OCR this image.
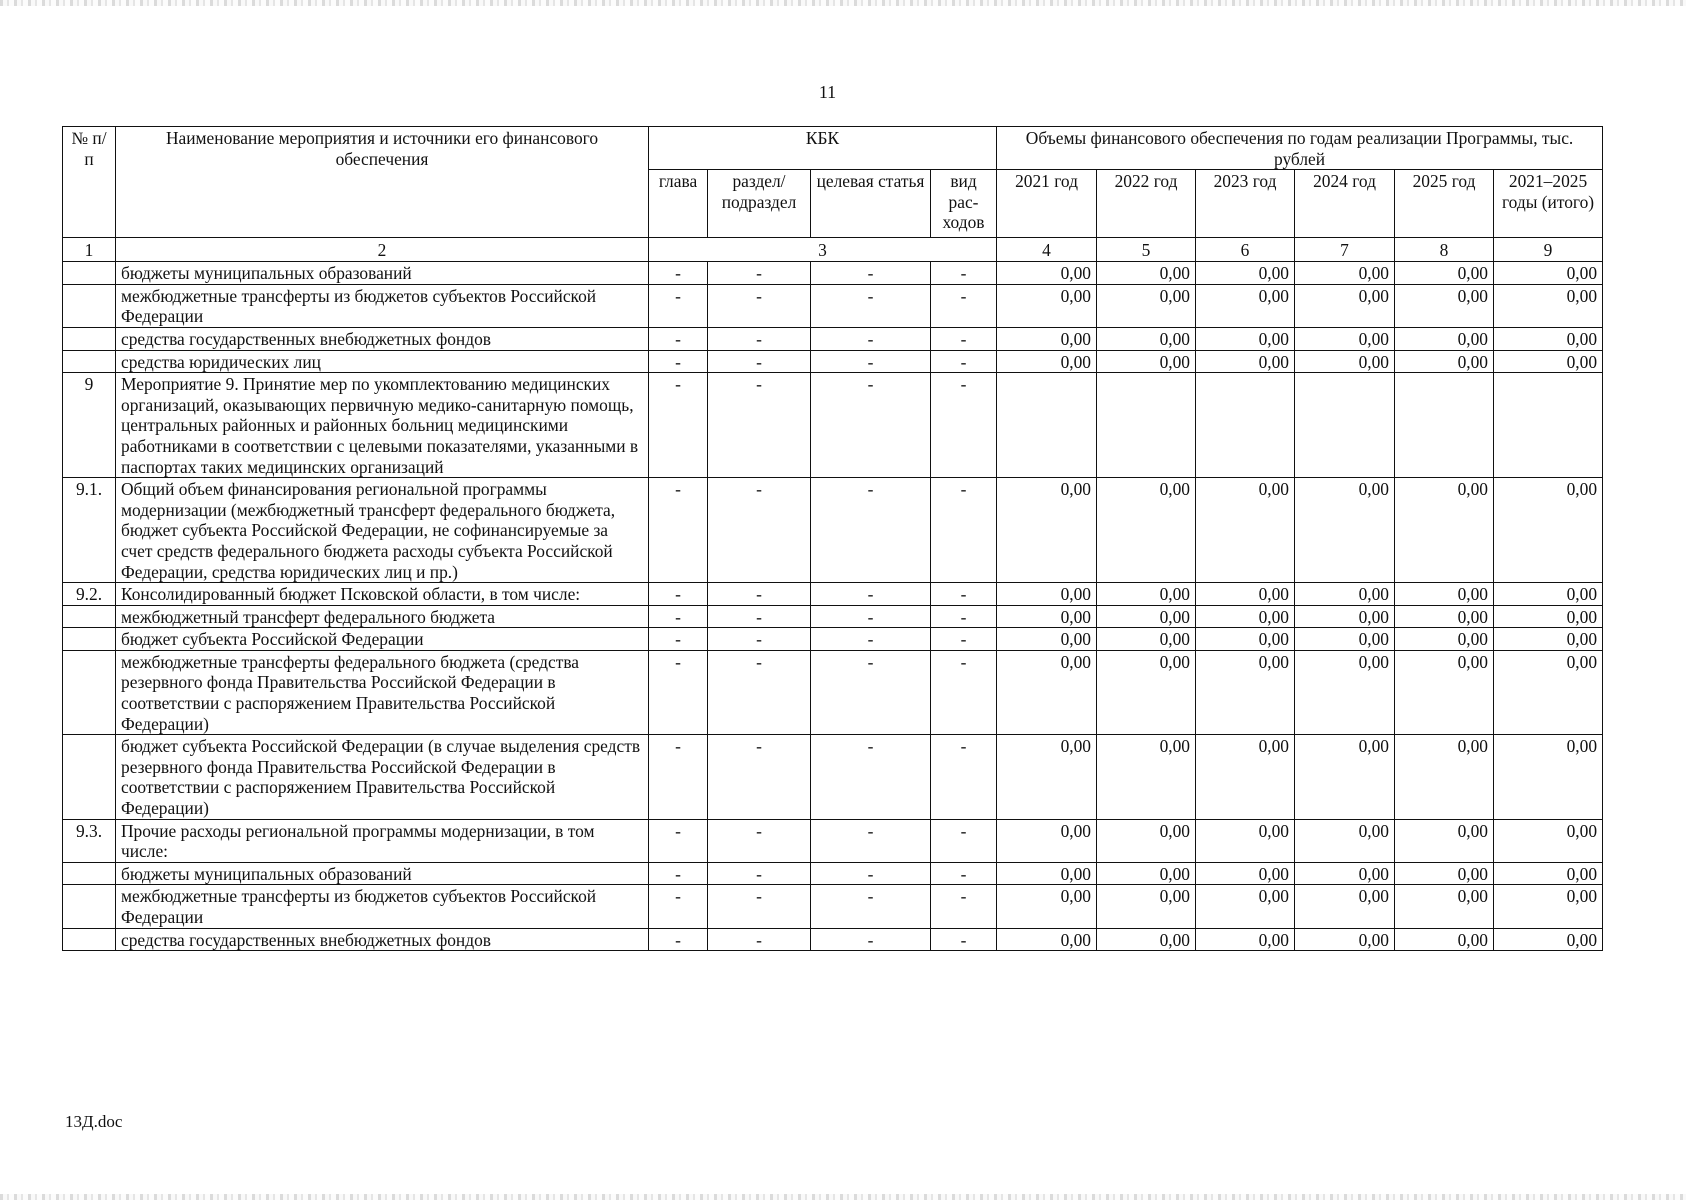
11
№ п/п	Наименование мероприятия и источники его финансового обеспечения	КБК				Объемы финансового обеспечения по годам реализации Программы, тыс. рублей					
		глава	раздел/ подраздел	целевая статья	вид рас-ходов	2021 год	2022 год	2023 год	2024 год	2025 год	2021–2025 годы (итого)
1	2	3				4	5	6	7	8	9
	бюджеты муниципальных образований	-	-	-	-	0,00	0,00	0,00	0,00	0,00	0,00
	межбюджетные трансферты из бюджетов субъектов Российской Федерации	-	-	-	-	0,00	0,00	0,00	0,00	0,00	0,00
	средства государственных внебюджетных фондов	-	-	-	-	0,00	0,00	0,00	0,00	0,00	0,00
	средства юридических лиц	-	-	-	-	0,00	0,00	0,00	0,00	0,00	0,00
9	Мероприятие 9. Принятие мер по укомплектованию медицинских организаций, оказывающих первичную медико-санитарную помощь, центральных районных и районных больниц медицинскими работниками в соответствии с целевыми показателями, указанными в паспортах таких медицинских организаций	-	-	-	-						
9.1.	Общий объем финансирования региональной программы модернизации (межбюджетный трансферт федерального бюджета, бюджет субъекта Российской Федерации, не софинансируемые за счет средств федерального бюджета расходы субъекта Российской Федерации, средства юридических лиц и пр.)	-	-	-	-	0,00	0,00	0,00	0,00	0,00	0,00
9.2.	Консолидированный бюджет Псковской области, в том числе:	-	-	-	-	0,00	0,00	0,00	0,00	0,00	0,00
	межбюджетный трансферт федерального бюджета	-	-	-	-	0,00	0,00	0,00	0,00	0,00	0,00
	бюджет субъекта Российской Федерации	-	-	-	-	0,00	0,00	0,00	0,00	0,00	0,00
	межбюджетные трансферты федерального бюджета (средства резервного фонда Правительства Российской Федерации в соответствии с распоряжением Правительства Российской Федерации)	-	-	-	-	0,00	0,00	0,00	0,00	0,00	0,00
	бюджет субъекта Российской Федерации (в случае выделения средств резервного фонда Правительства Российской Федерации в соответствии с распоряжением Правительства Российской Федерации)	-	-	-	-	0,00	0,00	0,00	0,00	0,00	0,00
9.3.	Прочие расходы региональной программы модернизации, в том числе:	-	-	-	-	0,00	0,00	0,00	0,00	0,00	0,00
	бюджеты муниципальных образований	-	-	-	-	0,00	0,00	0,00	0,00	0,00	0,00
	межбюджетные трансферты из бюджетов субъектов Российской Федерации	-	-	-	-	0,00	0,00	0,00	0,00	0,00	0,00
	средства государственных внебюджетных фондов	-	-	-	-	0,00	0,00	0,00	0,00	0,00	0,00
13Д.doc
